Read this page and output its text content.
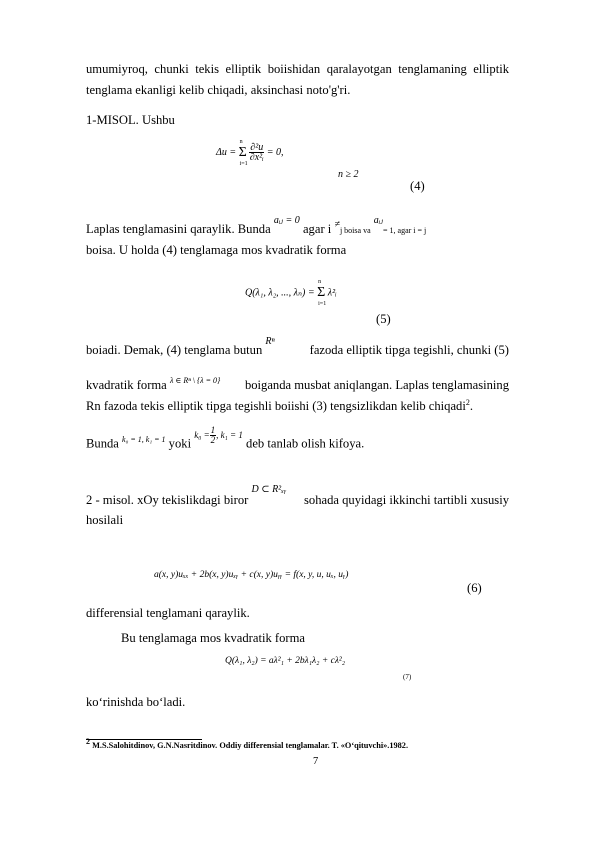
umumiyroq, chunki tekis elliptik boiishidan qaralayotgan tenglamaning elliptik
tenglama ekanligi kelib chiqadi, aksinchasi noto'g'ri.
1-MISOL. Ushbu
Δu = Σ
n
i=1

$\frac{\text{∂²u}}{\text{∂x²ᵢ}} = 0$,
n ≥ 2
(4)
Laplas tenglamasini qaraylik. Bunda $^{aᵢⱼ = 0}$ agar i ≠j boisa va $^{aᵢⱼ}$= 1, agar i = j
boisa. U holda (4) tenglamaga mos kvadratik forma
Q(λ₁, λ₂, ..., λₙ) = Σ
n
i=1
λ²ᵢ
(5)
boiadi. Demak, (4) tenglama butun $^{R^n}$
fazoda elliptik tipga tegishli, chunki (5)
kvadratik forma $^{\lambda \in R^n \backslash \{\lambda = 0\}}$ boiganda musbat aniqlangan. Laplas tenglamasining
Rn fazoda tekis elliptik tipga tegishli boiishi (3) tengsizlikdan kelib chiqadi$^2$.
Bunda $^{k_0 = 1, k_1 = 1}$ yoki $^{k_0 = \frac{1}{2} , k_1 = 1}$ deb tanlab olish kifoya.
2 - misol. xOy tekislikdagi biror $^{D \subset R^2_xᵧ}$
sohada quyidagi ikkinchi tartibli xususiy
hosilali
a(x, y)uₓₓ + 2b(x, y)uₓᵧ + c(x, y)uᵧᵧ = f(x, y, u, uₓ, uᵧ)
(6)
differensial tenglamani qaraylik.
Bu tenglamaga mos kvadratik forma
Q(λ₁, λ₂) = aλ²₁ + 2bλ₁λ₂ + cλ²₂
(7)
ko‘rinishda bo‘ladi.
$^2$ M.S.Salohitdinov, G.N.Nasritdinov. Oddiy differensial tenglamalar. T. «O‘qituvchi».1982.
7
